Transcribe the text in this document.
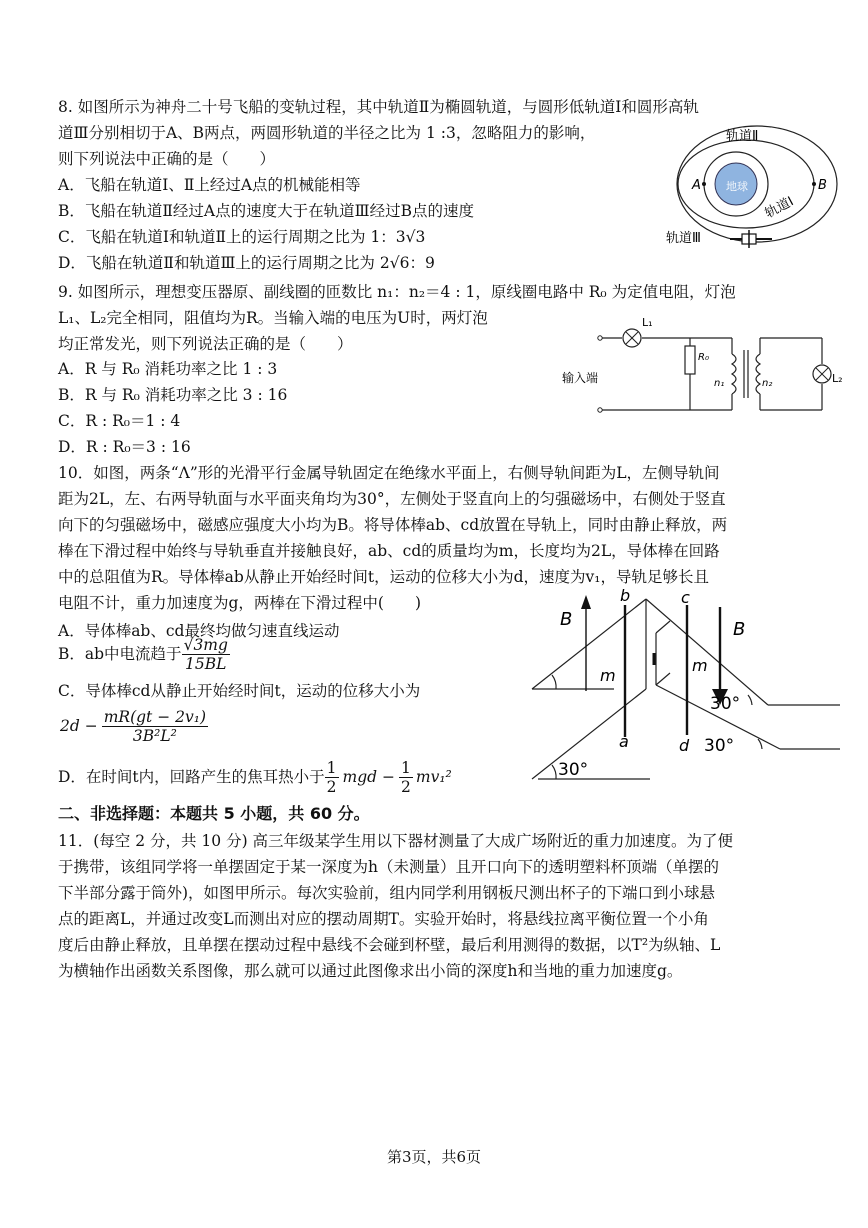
8. 如图所示为神舟二十号飞船的变轨过程，其中轨道Ⅱ为椭圆轨道，与圆形低轨道Ⅰ和圆形高轨
道Ⅲ分别相切于A、B两点，两圆形轨道的半径之比为 1 :3，忽略阻力的影响，
则下列说法中正确的是（　　）
A．飞船在轨道Ⅰ、Ⅱ上经过A点的机械能相等
B．飞船在轨道Ⅱ经过A点的速度大于在轨道Ⅲ经过B点的速度
C．飞船在轨道Ⅰ和轨道Ⅱ上的运行周期之比为 1：3√3
D．飞船在轨道Ⅱ和轨道Ⅲ上的运行周期之比为 2√6：9
轨道Ⅱ
轨道Ⅰ
轨道Ⅲ
地球
A	B
9. 如图所示，理想变压器原、副线圈的匝数比 n₁：n₂＝4 : 1，原线圈电路中 R₀ 为定值电阻，灯泡
L₁、L₂完全相同，阻值均为R。当输入端的电压为U时，两灯泡
均正常发光，则下列说法正确的是（　　）
A．R 与 R₀ 消耗功率之比 1 : 3
B．R 与 R₀ 消耗功率之比 3 : 16
C．R : R₀＝1 : 4
D．R : R₀＝3 : 16
L₁
L₂
R₀
n₁	n₂
输入端
10．如图，两条“Λ”形的光滑平行金属导轨固定在绝缘水平面上，右侧导轨间距为L，左侧导轨间
距为2L，左、右两导轨面与水平面夹角均为30°，左侧处于竖直向上的匀强磁场中，右侧处于竖直
向下的匀强磁场中，磁感应强度大小均为B。将导体棒ab、cd放置在导轨上，同时由静止释放，两
棒在下滑过程中始终与导轨垂直并接触良好，ab、cd的质量均为m，长度均为2L，导体棒在回路
中的总阻值为R。导体棒ab从静止开始经时间t，运动的位移大小为d，速度为v₁，导轨足够长且
电阻不计，重力加速度为g，两棒在下滑过程中(　　)
A．导体棒ab、cd最终均做匀速直线运动
B．ab中电流趋于 $\frac{√3mg}{15BL}$
C．导体棒cd从静止开始经时间t，运动的位移大小为
$2d - \frac{\text{mR(gt − 2v₁)}}{\text{3B²L²}}$
D．在时间t内，回路产生的焦耳热小于 $\frac{1}{2}$ mgd − $\frac{1}{2} mv_1^2$
B	B
b	c
a	d
m
m
30°
30°
30°
二、非选择题：本题共 5 小题，共 60 分。
11．(每空 2 分，共 10 分) 高三年级某学生用以下器材测量了大成广场附近的重力加速度。为了便
于携带，该组同学将一单摆固定于某一深度为h（未测量）且开口向下的透明塑料杯顶端（单摆的
下半部分露于筒外)，如图甲所示。每次实验前，组内同学利用钢板尺测出杯子的下端口到小球悬
点的距离L，并通过改变L而测出对应的摆动周期T。实验开始时，将悬线拉离平衡位置一个小角
度后由静止释放，且单摆在摆动过程中悬线不会碰到杯壁，最后利用测得的数据，以T²为纵轴、L
为横轴作出函数关系图像，那么就可以通过此图像求出小筒的深度h和当地的重力加速度g。
第3页，共6页
